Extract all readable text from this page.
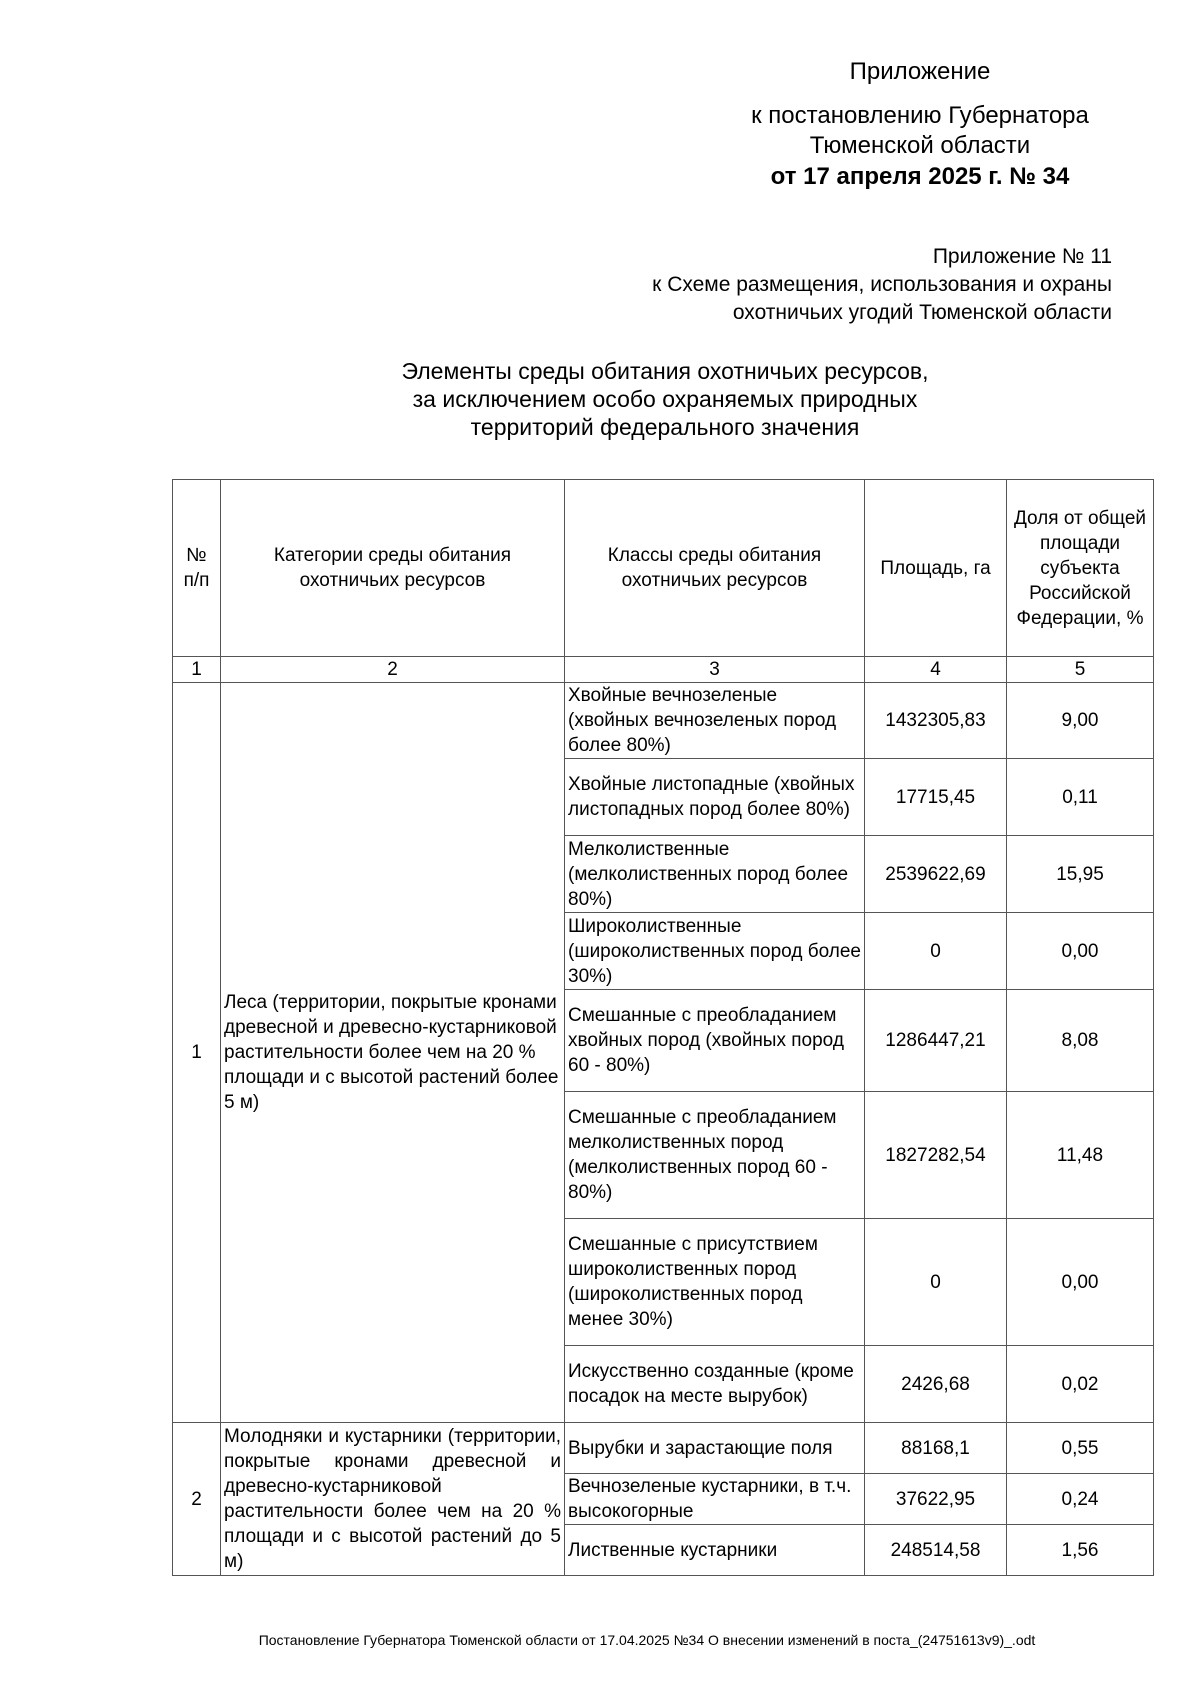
Приложение
к постановлению Губернатора
Тюменской области
от 17 апреля 2025 г. № 34
Приложение № 11
к Схеме размещения, использования и охраны
охотничьих угодий Тюменской области
Элементы среды обитания охотничьих ресурсов,
за исключением особо охраняемых природных
территорий федерального значения
№ п/п	Категории среды обитания охотничьих ресурсов	Классы среды обитания охотничьих ресурсов	Площадь, га	Доля от общей площади субъекта Российской Федерации, %
1	2	3	4	5
1	Леса (территории, покрытые кронами древесной и древесно-кустарниковой растительности более чем на 20 % площади и с высотой растений более 5 м)	Хвойные вечнозеленые (хвойных вечнозеленых пород более 80%)	1432305,83	9,00
		Хвойные листопадные (хвойных листопадных пород более 80%)	17715,45	0,11
		Мелколиственные (мелколиственных пород более 80%)	2539622,69	15,95
		Широколиственные (широколиственных пород более 30%)	0	0,00
		Смешанные с преобладанием хвойных пород (хвойных пород 60 - 80%)	1286447,21	8,08
		Смешанные с преобладанием мелколиственных пород (мелколиственных пород 60 - 80%)	1827282,54	11,48
		Смешанные с присутствием широколиственных пород (широколиственных пород менее 30%)	0	0,00
		Искусственно созданные (кроме посадок на месте вырубок)	2426,68	0,02
2	Молодняки и кустарники (территории, покрытые кронами древесной и древесно-кустарниковой растительности более чем на 20 % площади и с высотой растений до 5 м)	Вырубки и зарастающие поля	88168,1	0,55
		Вечнозеленые кустарники, в т.ч. высокогорные	37622,95	0,24
		Лиственные кустарники	248514,58	1,56
Постановление Губернатора Тюменской области от 17.04.2025 №34 О внесении изменений в поста_(24751613v9)_.odt
